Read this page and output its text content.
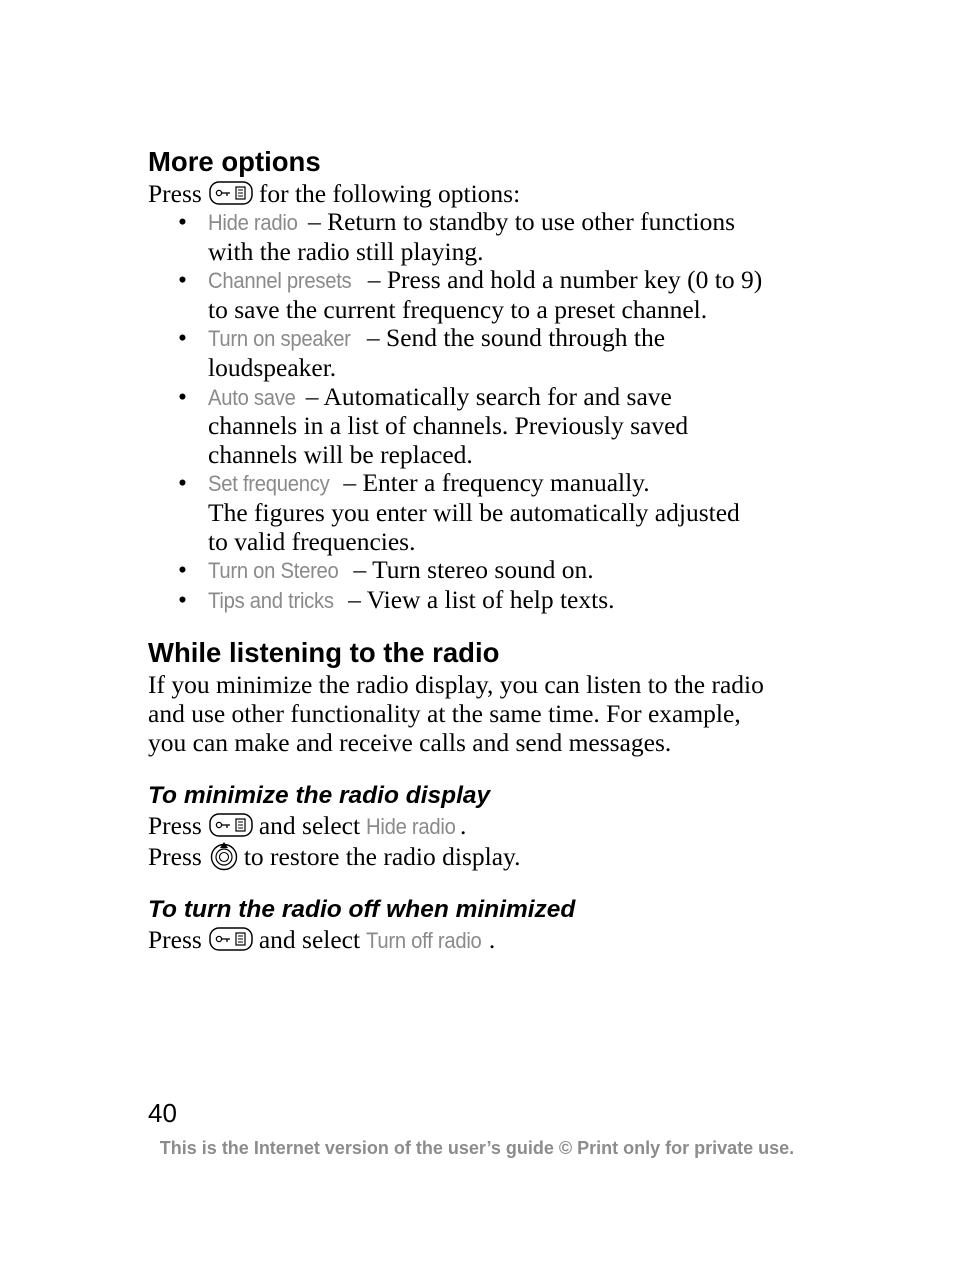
More options
Press for the following options:
• Hide radio – Return to standby to use other functions
with the radio still playing.
• Channel presets – Press and hold a number key (0 to 9)
to save the current frequency to a preset channel.
• Turn on speaker – Send the sound through the
loudspeaker.
• Auto save – Automatically search for and save
channels in a list of channels. Previously saved
channels will be replaced.
• Set frequency – Enter a frequency manually.
The figures you enter will be automatically adjusted
to valid frequencies.
• Turn on Stereo – Turn stereo sound on.
• Tips and tricks – View a list of help texts.
While listening to the radio
If you minimize the radio display, you can listen to the radio
and use other functionality at the same time. For example,
you can make and receive calls and send messages.
To minimize the radio display
Press and select Hide radio .
Press to restore the radio display.
To turn the radio off when minimized
Press and select Turn off radio .
40
This is the Internet version of the user’s guide © Print only for private use.
